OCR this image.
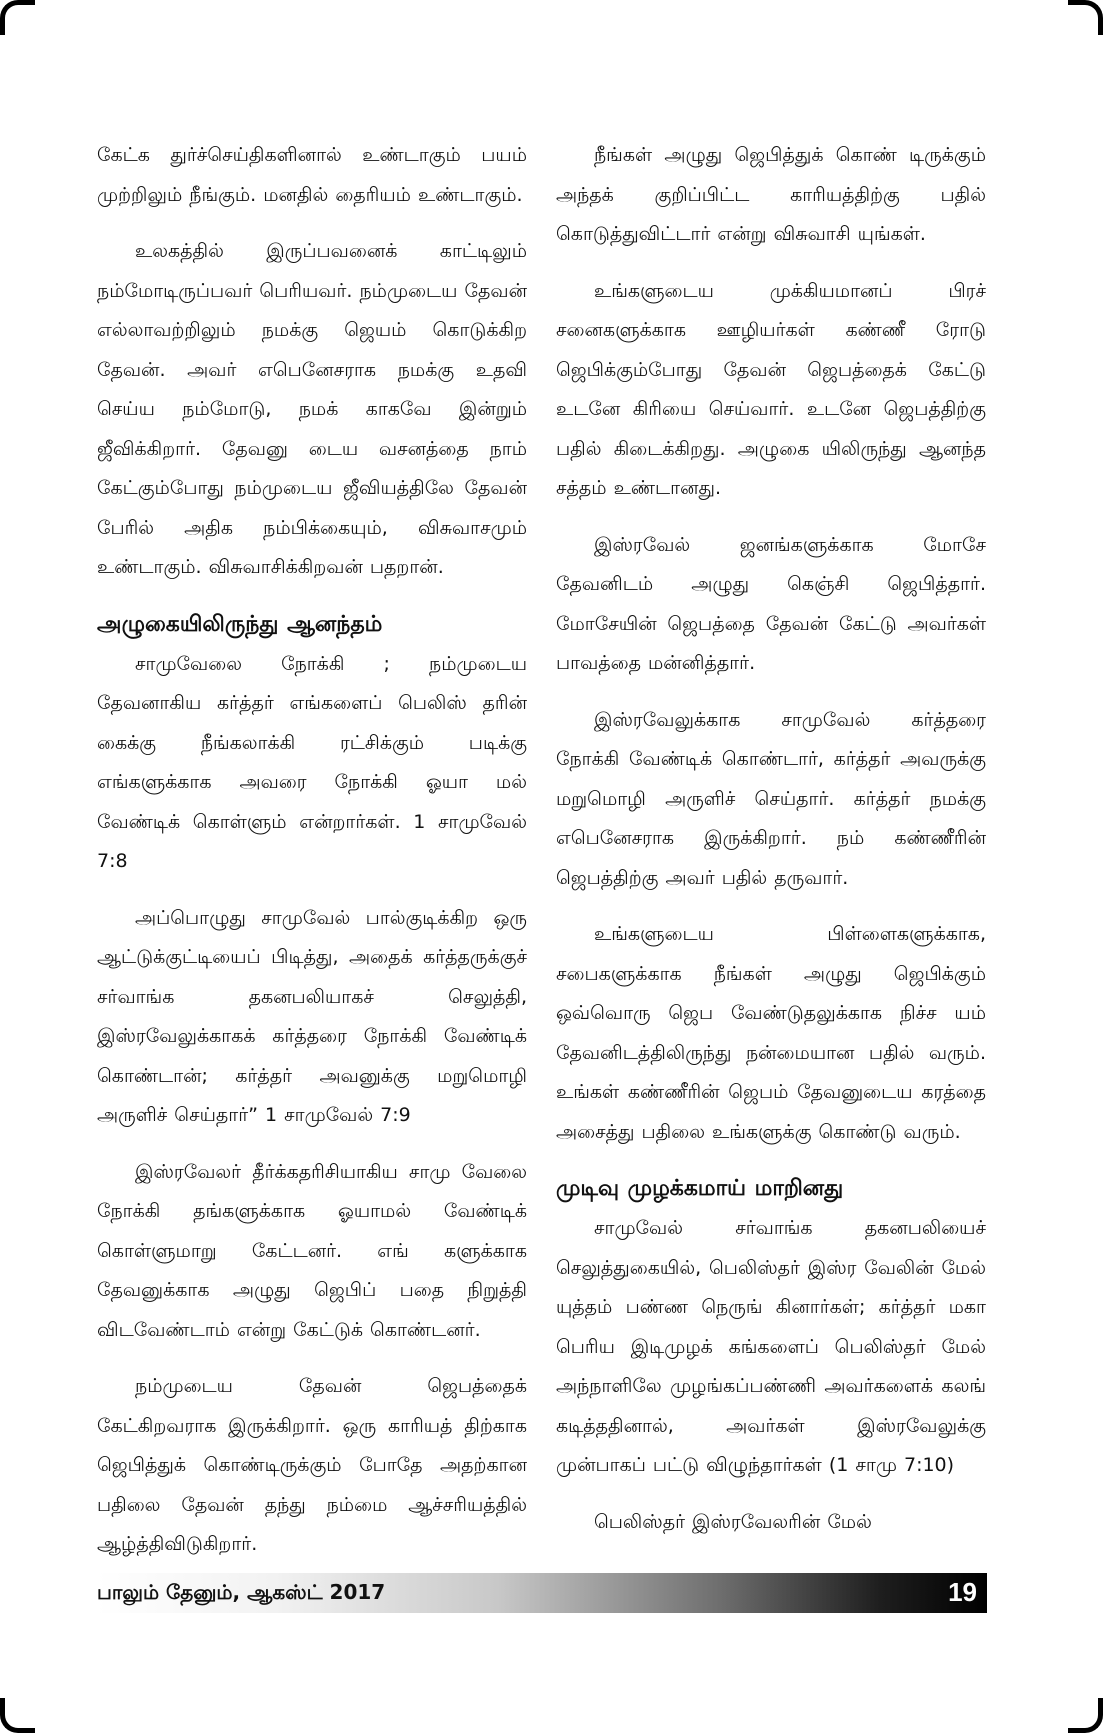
கேட்க துர்ச்செய்திகளினால் உண்டாகும் பயம் முற்றிலும் நீங்கும். மனதில் தைரியம் உண்டாகும்.

உலகத்தில் இருப்பவனைக் காட்டிலும் நம்மோடிருப்பவர் பெரியவர். நம்முடைய தேவன் எல்லாவற்றிலும் நமக்கு ஜெயம் கொடுக்கிற தேவன். அவர் எபெனேசராக நமக்கு உதவி செய்ய நம்மோடு, நமக் காகவே இன்றும் ஜீவிக்கிறார். தேவனு டைய வசனத்தை நாம் கேட்கும்போது நம்முடைய ஜீவியத்திலே தேவன் பேரில் அதிக நம்பிக்கையும், விசுவாசமும் உண்டாகும். விசுவாசிக்கிறவன் பதறான்.

அழுகையிலிருந்து ஆனந்தம்

சாமுவேலை நோக்கி ; நம்முடைய தேவனாகிய கர்த்தர் எங்களைப் பெலிஸ் தரின் கைக்கு நீங்கலாக்கி ரட்சிக்கும் படிக்கு எங்களுக்காக அவரை நோக்கி ஓயா மல் வேண்டிக் கொள்ளும் என்றார்கள். 1 சாமுவேல் 7:8

அப்பொழுது சாமுவேல் பால்குடிக்கிற ஒரு ஆட்டுக்குட்டியைப் பிடித்து, அதைக் கர்த்தருக்குச் சர்வாங்க தகனபலியாகச் செலுத்தி, இஸ்ரவேலுக்காகக் கர்த்தரை நோக்கி வேண்டிக் கொண்டான்; கர்த்தர் அவனுக்கு மறுமொழி அருளிச் செய்தார்” 1 சாமுவேல் 7:9

இஸ்ரவேலர் தீர்க்கதரிசியாகிய சாமு வேலை நோக்கி தங்களுக்காக ஓயாமல் வேண்டிக் கொள்ளுமாறு கேட்டனர். எங் களுக்காக தேவனுக்காக அழுது ஜெபிப் பதை நிறுத்தி விடவேண்டாம் என்று கேட்டுக் கொண்டனர்.

நம்முடைய தேவன் ஜெபத்தைக் கேட்கிறவராக இருக்கிறார். ஒரு காரியத் திற்காக ஜெபித்துக் கொண்டிருக்கும் போதே அதற்கான பதிலை தேவன் தந்து நம்மை ஆச்சரியத்தில் ஆழ்த்திவிடுகிறார்.

நீங்கள் அழுது ஜெபித்துக் கொண் டிருக்கும் அந்தக் குறிப்பிட்ட காரியத்திற்கு பதில் கொடுத்துவிட்டார் என்று விசுவாசி யுங்கள்.

உங்களுடைய முக்கியமானப் பிரச் சனைகளுக்காக ஊழியர்கள் கண்ணீ ரோடு ஜெபிக்கும்போது தேவன் ஜெபத்தைக் கேட்டு உடனே கிரியை செய்வார். உடனே ஜெபத்திற்கு பதில் கிடைக்கிறது. அழுகை யிலிருந்து ஆனந்த சத்தம் உண்டானது.

இஸ்ரவேல் ஜனங்களுக்காக மோசே தேவனிடம் அழுது கெஞ்சி ஜெபித்தார். மோசேயின் ஜெபத்தை தேவன் கேட்டு அவர்கள் பாவத்தை மன்னித்தார்.

இஸ்ரவேலுக்காக சாமுவேல் கர்த்தரை நோக்கி வேண்டிக் கொண்டார், கர்த்தர் அவருக்கு மறுமொழி அருளிச் செய்தார். கர்த்தர் நமக்கு எபெனேசராக இருக்கிறார். நம் கண்ணீரின் ஜெபத்திற்கு அவர் பதில் தருவார்.

உங்களுடைய பிள்ளைகளுக்காக, சபைகளுக்காக நீங்கள் அழுது ஜெபிக்கும் ஒவ்வொரு ஜெப வேண்டுதலுக்காக நிச்ச யம் தேவனிடத்திலிருந்து நன்மையான பதில் வரும். உங்கள் கண்ணீரின் ஜெபம் தேவனுடைய கரத்தை அசைத்து பதிலை உங்களுக்கு கொண்டு வரும்.

முடிவு முழக்கமாய் மாறினது

சாமுவேல் சர்வாங்க தகனபலியைச் செலுத்துகையில், பெலிஸ்தர் இஸ்ர வேலின் மேல் யுத்தம் பண்ண நெருங் கினார்கள்; கர்த்தர் மகா பெரிய இடிமுழக் கங்களைப் பெலிஸ்தர் மேல் அந்நாளிலே முழங்கப்பண்ணி அவர்களைக் கலங் கடித்ததினால், அவர்கள் இஸ்ரவேலுக்கு முன்பாகப் பட்டு விழுந்தார்கள் (1 சாமு 7:10)

பெலிஸ்தர் இஸ்ரவேலரின் மேல்

பாலும் தேனும், ஆகஸ்ட் 2017	19
